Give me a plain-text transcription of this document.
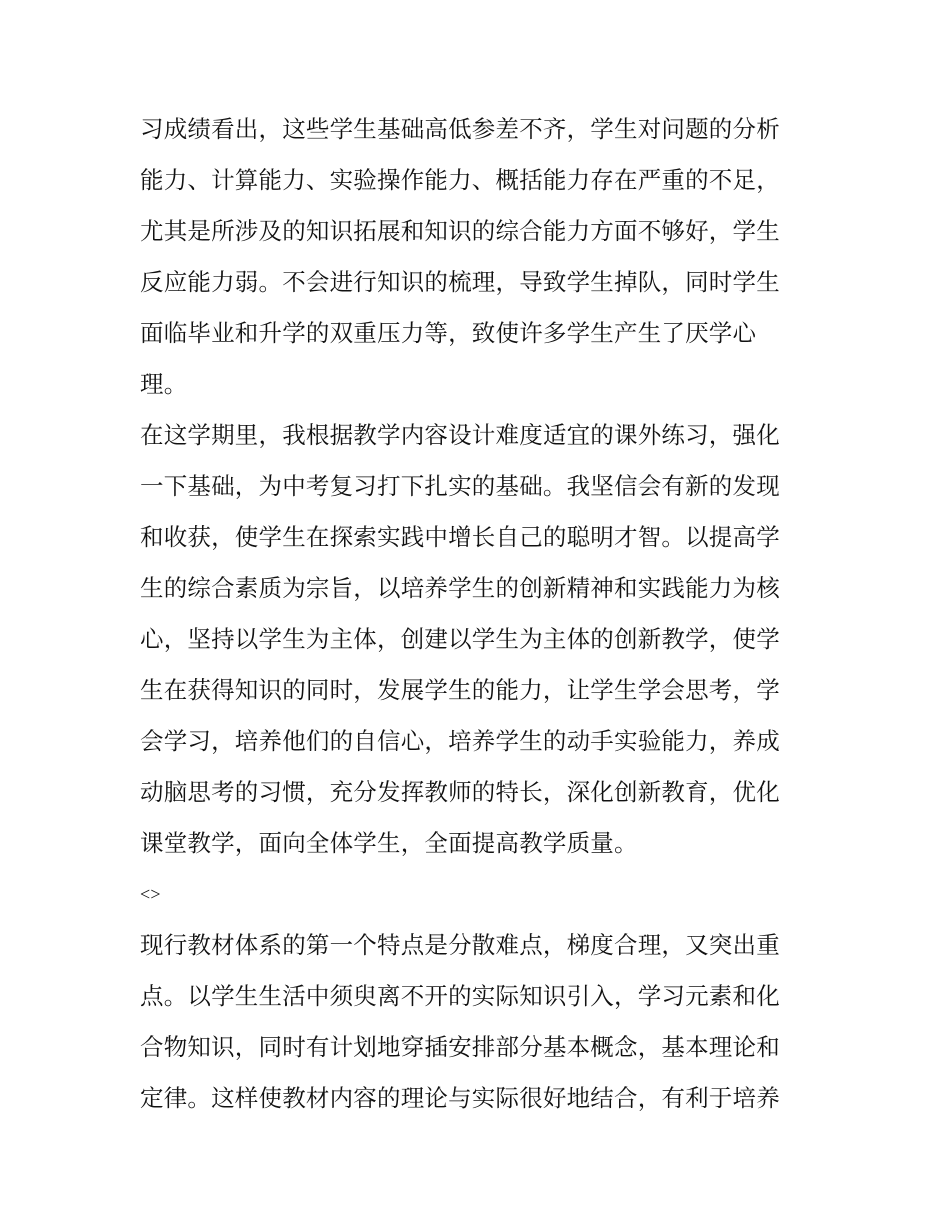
习成绩看出，这些学生基础高低参差不齐，学生对问题的分析
能力、计算能力、实验操作能力、概括能力存在严重的不足，
尤其是所涉及的知识拓展和知识的综合能力方面不够好，学生
反应能力弱。不会进行知识的梳理，导致学生掉队，同时学生
面临毕业和升学的双重压力等，致使许多学生产生了厌学心
理。
在这学期里，我根据教学内容设计难度适宜的课外练习，强化
一下基础，为中考复习打下扎实的基础。我坚信会有新的发现
和收获，使学生在探索实践中增长自己的聪明才智。以提高学
生的综合素质为宗旨，以培养学生的创新精神和实践能力为核
心，坚持以学生为主体，创建以学生为主体的创新教学，使学
生在获得知识的同时，发展学生的能力，让学生学会思考，学
会学习，培养他们的自信心，培养学生的动手实验能力，养成
动脑思考的习惯，充分发挥教师的特长，深化创新教育，优化
课堂教学，面向全体学生，全面提高教学质量。
<>
现行教材体系的第一个特点是分散难点，梯度合理，又突出重
点。以学生生活中须臾离不开的实际知识引入，学习元素和化
合物知识，同时有计划地穿插安排部分基本概念，基本理论和
定律。这样使教材内容的理论与实际很好地结合，有利于培养
